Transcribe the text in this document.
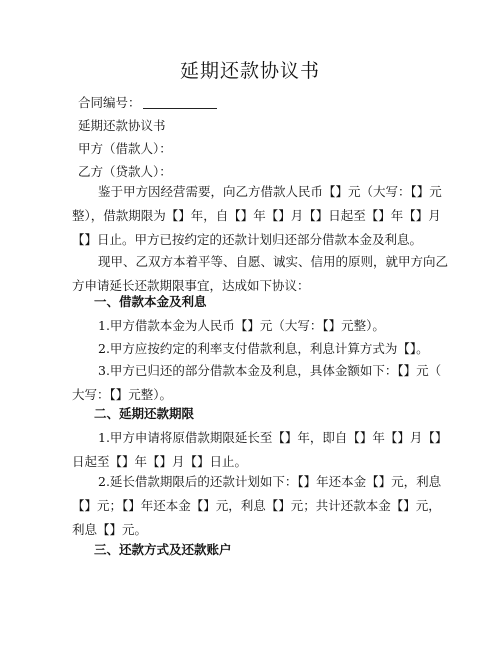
延期还款协议书
合同编号：
延期还款协议书
甲方（借款人）：
乙方（贷款人）：
鉴于甲方因经营需要，向乙方借款人民币【】元（大写：【】元
整），借款期限为【】年，自【】年【】月【】日起至【】年【】月
【】日止。甲方已按约定的还款计划归还部分借款本金及利息。
现甲、乙双方本着平等、自愿、诚实、信用的原则，就甲方向乙
方申请延长还款期限事宜，达成如下协议：
一、借款本金及利息
1.甲方借款本金为人民币【】元（大写：【】元整）。
2.甲方应按约定的利率支付借款利息，利息计算方式为【】。
3.甲方已归还的部分借款本金及利息，具体金额如下：【】元（
大写：【】元整）。
二、延期还款期限
1.甲方申请将原借款期限延长至【】年，即自【】年【】月【】
日起至【】年【】月【】日止。
2.延长借款期限后的还款计划如下：【】年还本金【】元，利息
【】元；【】年还本金【】元，利息【】元；共计还款本金【】元，
利息【】元。
三、还款方式及还款账户
